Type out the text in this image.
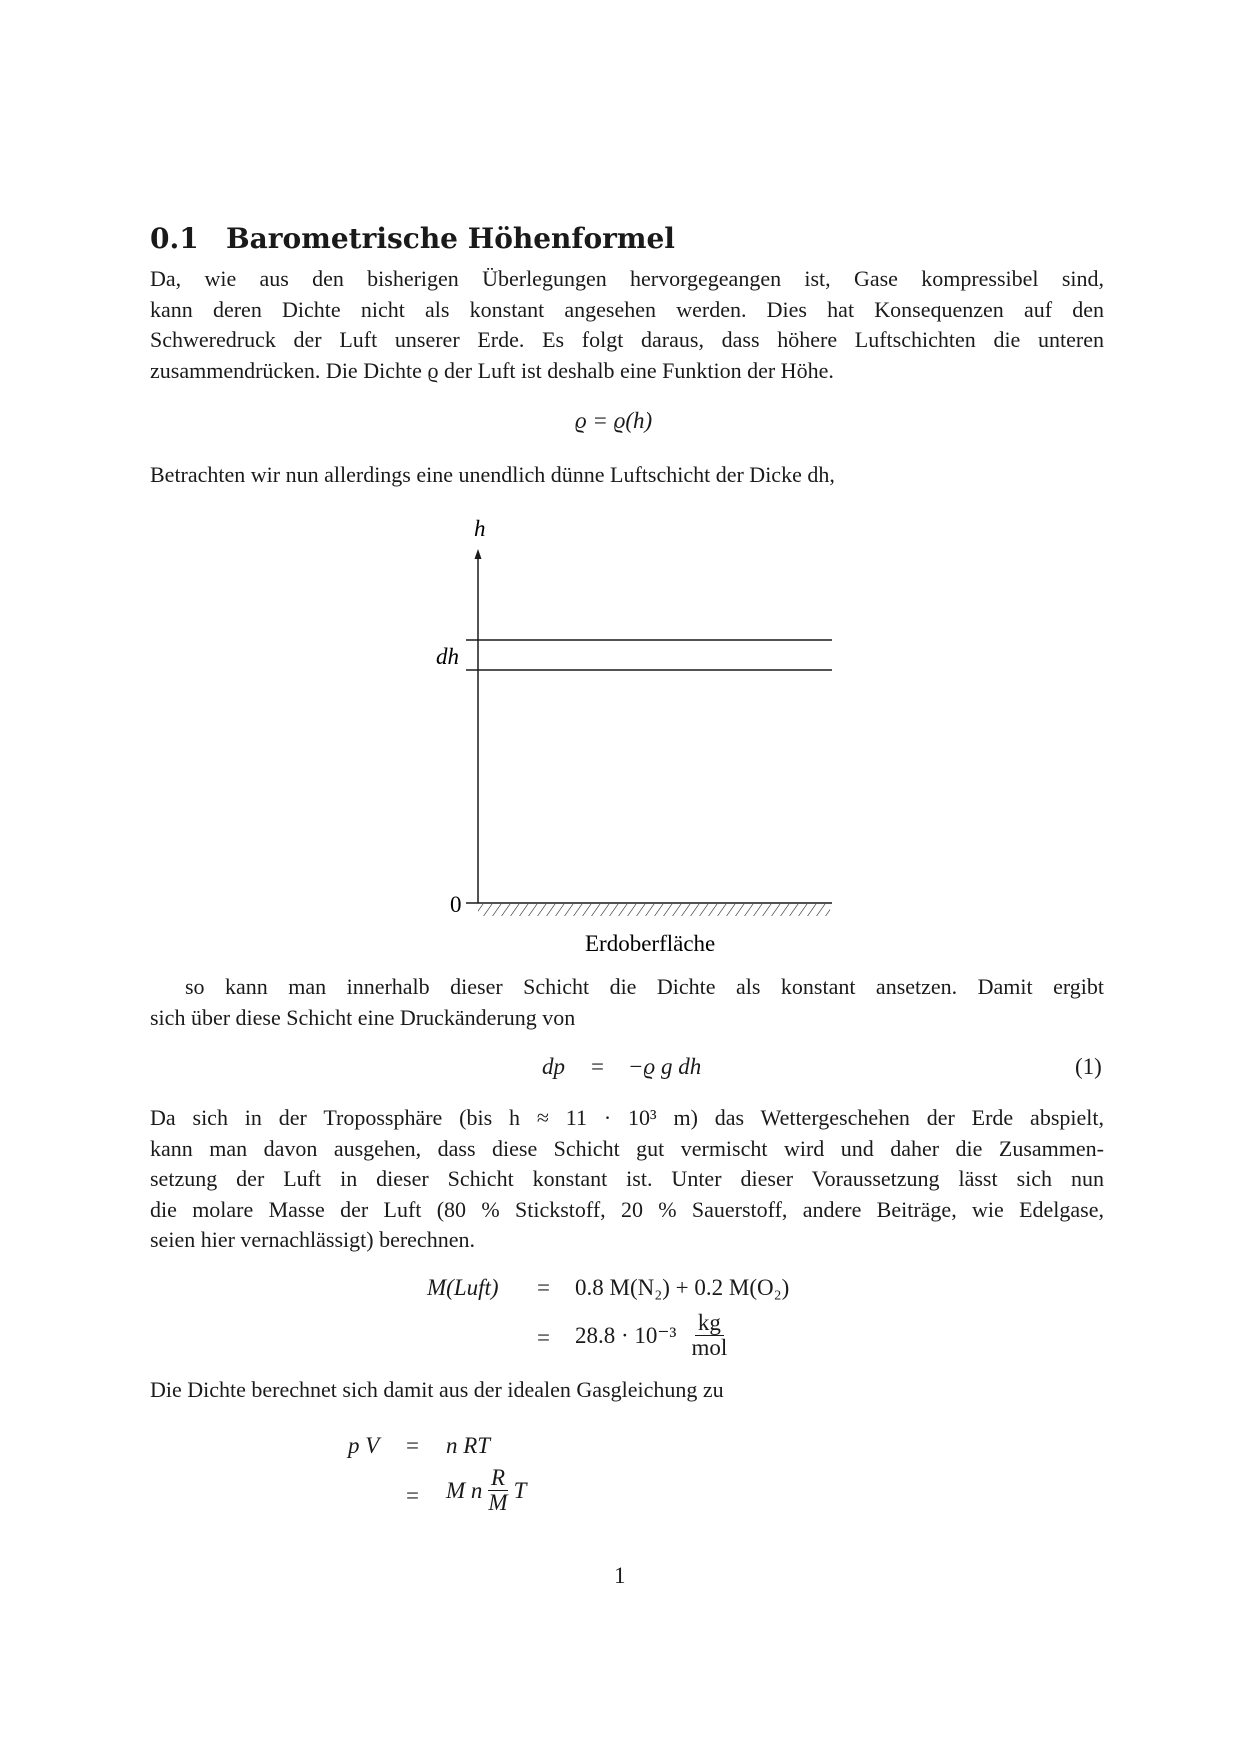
0.1 Barometrische Höhenformel
Da, wie aus den bisherigen Überlegungen hervorgegeangen ist, Gase kompressibel sind,
kann deren Dichte nicht als konstant angesehen werden. Dies hat Konsequenzen auf den
Schweredruck der Luft unserer Erde. Es folgt daraus, dass höhere Luftschichten die unteren
zusammendrücken. Die Dichte ϱ der Luft ist deshalb eine Funktion der Höhe.
ϱ = ϱ(h)
Betrachten wir nun allerdings eine unendlich dünne Luftschicht der Dicke dh,
h
dh
0
Erdoberfläche
so kann man innerhalb dieser Schicht die Dichte als konstant ansetzen. Damit ergibt
sich über diese Schicht eine Druckänderung von
dp = −ϱ g dh	(1)
Da sich in der Tropossphäre (bis h ≈ 11 · 10³ m) das Wettergeschehen der Erde abspielt,
kann man davon ausgehen, dass diese Schicht gut vermischt wird und daher die Zusammen-
setzung der Luft in dieser Schicht konstant ist. Unter dieser Voraussetzung lässt sich nun
die molare Masse der Luft (80 % Stickstoff, 20 % Sauerstoff, andere Beiträge, wie Edelgase,
seien hier vernachlässigt) berechnen.
M(Luft) = 0.8 M(N₂) + 0.2 M(O₂)
= $28.8 \cdot 10^{-3} \frac{kg}{\text{mol}}$
Die Dichte berechnet sich damit aus der idealen Gasgleichung zu
p V = n RT
= M n $\frac{R}{M}$ T
1
